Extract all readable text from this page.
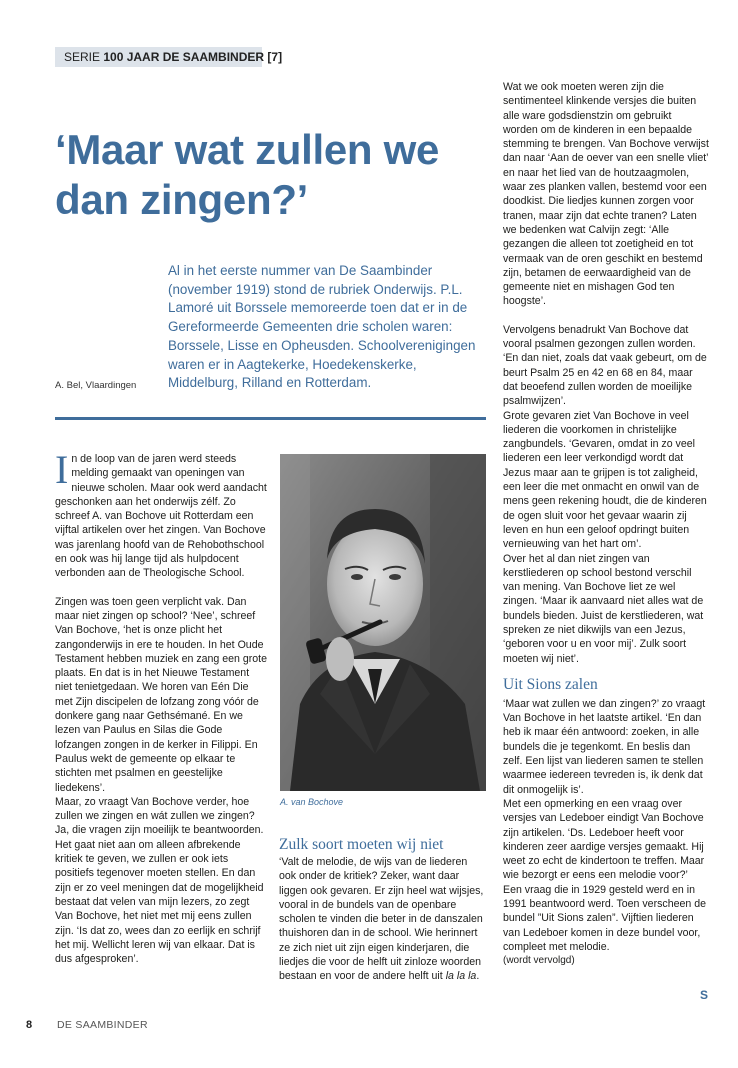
SERIE 100 JAAR DE SAAMBINDER [7]
‘Maar wat zullen we dan zingen?’
Al in het eerste nummer van De Saambinder (november 1919) stond de rubriek Onderwijs. P.L. Lamoré uit Borssele memoreerde toen dat er in de Gereformeerde Gemeenten drie scholen waren: Borssele, Lisse en Opheusden. Schoolverenigingen waren er in Aagtekerke, Hoedekenskerke, Middelburg, Rilland en Rotterdam.
A. Bel, Vlaardingen

In de loop van de jaren werd steeds melding gemaakt van openingen van nieuwe scholen. Maar ook werd aandacht geschonken aan het onderwijs zélf. Zo schreef A. van Bochove uit Rotterdam een vijftal artikelen over het zingen. Van Bochove was jarenlang hoofd van de Rehobothschool en ook was hij lange tijd als hulpdocent verbonden aan de Theologische School.

Zingen was toen geen verplicht vak. Dan maar niet zingen op school? ‘Nee’, schreef Van Bochove, ‘het is onze plicht het zangonderwijs in ere te houden. In het Oude Testament hebben muziek en zang een grote plaats. En dat is in het Nieuwe Testament niet tenietgedaan. We horen van Eén Die met Zijn discipelen de lofzang zong vóór de donkere gang naar Gethsémané. En we lezen van Paulus en Silas die Gode lofzangen zongen in de kerker in Filippi. En Paulus wekt de gemeente op elkaar te stichten met psalmen en geestelijke liedekens’.

Maar, zo vraagt Van Bochove verder, hoe zullen we zingen en wát zullen we zingen? Ja, die vragen zijn moeilijk te beantwoorden. Het gaat niet aan om alleen afbrekende kritiek te geven, we zullen er ook iets positiefs tegenover moeten stellen. En dan zijn er zo veel meningen dat de mogelijkheid bestaat dat velen van mijn lezers, zo zegt Van Bochove, het niet met mij eens zullen zijn. ‘Is dat zo, wees dan zo eerlijk en schrijf het mij. Wellicht leren wij van elkaar. Dat is dus afgesproken’.

A. van Bochove
Zulk soort moeten wij niet

‘Valt de melodie, de wijs van de liederen ook onder de kritiek? Zeker, want daar liggen ook gevaren. Er zijn heel wat wijsjes, vooral in de bundels van de openbare scholen te vinden die beter in de danszalen thuishoren dan in de school. Wie herinnert ze zich niet uit zijn eigen kinderjaren, die liedjes die voor de helft uit zinloze woorden bestaan en voor de andere helft uit la la la.

Wat we ook moeten weren zijn die sentimenteel klinkende versjes die buiten alle ware godsdienstzin om gebruikt worden om de kinderen in een bepaalde stemming te brengen. Van Bochove verwijst dan naar ‘Aan de oever van een snelle vliet’ en naar het lied van de houtzaagmolen, waar zes planken vallen, bestemd voor een doodkist. Die liedjes kunnen zorgen voor tranen, maar zijn dat echte tranen? Laten we bedenken wat Calvijn zegt: ‘Alle gezangen die alleen tot zoetigheid en tot vermaak van de oren geschikt en bestemd zijn, betamen de eerwaardigheid van de gemeente niet en mishagen God ten hoogste’.

Vervolgens benadrukt Van Bochove dat vooral psalmen gezongen zullen worden. ‘En dan niet, zoals dat vaak gebeurt, om de beurt Psalm 25 en 42 en 68 en 84, maar dat beoefend zullen worden de moeilijke psalmwijzen’.

Grote gevaren ziet Van Bochove in veel liederen die voorkomen in christelijke zangbundels. ‘Gevaren, omdat in zo veel liederen een leer verkondigd wordt dat Jezus maar aan te grijpen is tot zaligheid, een leer die met onmacht en onwil van de mens geen rekening houdt, die de kinderen de ogen sluit voor het gevaar waarin zij leven en hun een geloof opdringt buiten vernieuwing van het hart om’.

Over het al dan niet zingen van kerstliederen op school bestond verschil van mening. Van Bochove liet ze wel zingen. ‘Maar ik aanvaard niet alles wat de bundels bieden. Juist de kerstliederen, wat spreken ze niet dikwijls van een Jezus, ‘geboren voor u en voor mij’. Zulk soort moeten wij niet’.

Uit Sions zalen

‘Maar wat zullen we dan zingen?’ zo vraagt Van Bochove in het laatste artikel. ‘En dan heb ik maar één antwoord: zoeken, in alle bundels die je tegenkomt. En beslis dan zelf. Een lijst van liederen samen te stellen waarmee iedereen tevreden is, ik denk dat dit onmogelijk is’.

Met een opmerking en een vraag over versjes van Ledeboer eindigt Van Bochove zijn artikelen. ‘Ds. Ledeboer heeft voor kinderen zeer aardige versjes gemaakt. Hij weet zo echt de kindertoon te treffen. Maar wie bezorgt er eens een melodie voor?’

Een vraag die in 1929 gesteld werd en in 1991 beantwoord werd. Toen verscheen de bundel ”Uit Sions zalen”. Vijftien liederen van Ledeboer komen in deze bundel voor, compleet met melodie.

(wordt vervolgd)

S
8 DE SAAMBINDER
